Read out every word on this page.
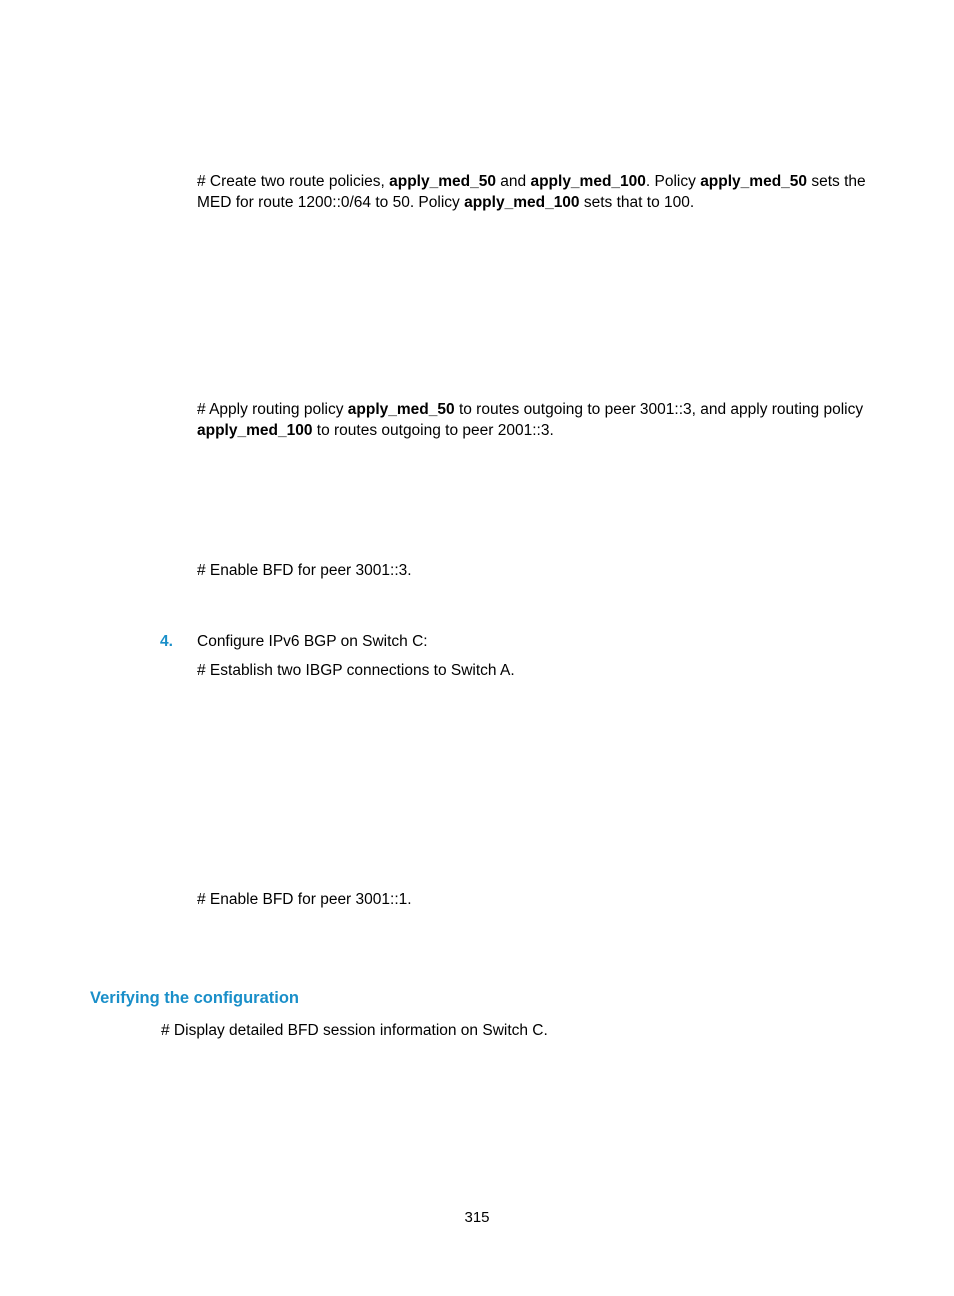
# Create two route policies, apply_med_50 and apply_med_100. Policy apply_med_50 sets the MED for route 1200::0/64 to 50. Policy apply_med_100 sets that to 100.

# Apply routing policy apply_med_50 to routes outgoing to peer 3001::3, and apply routing policy apply_med_100 to routes outgoing to peer 2001::3.

# Enable BFD for peer 3001::3.

4. Configure IPv6 BGP on Switch C:

# Establish two IBGP connections to Switch A.

# Enable BFD for peer 3001::1.

Verifying the configuration

# Display detailed BFD session information on Switch C.

315
